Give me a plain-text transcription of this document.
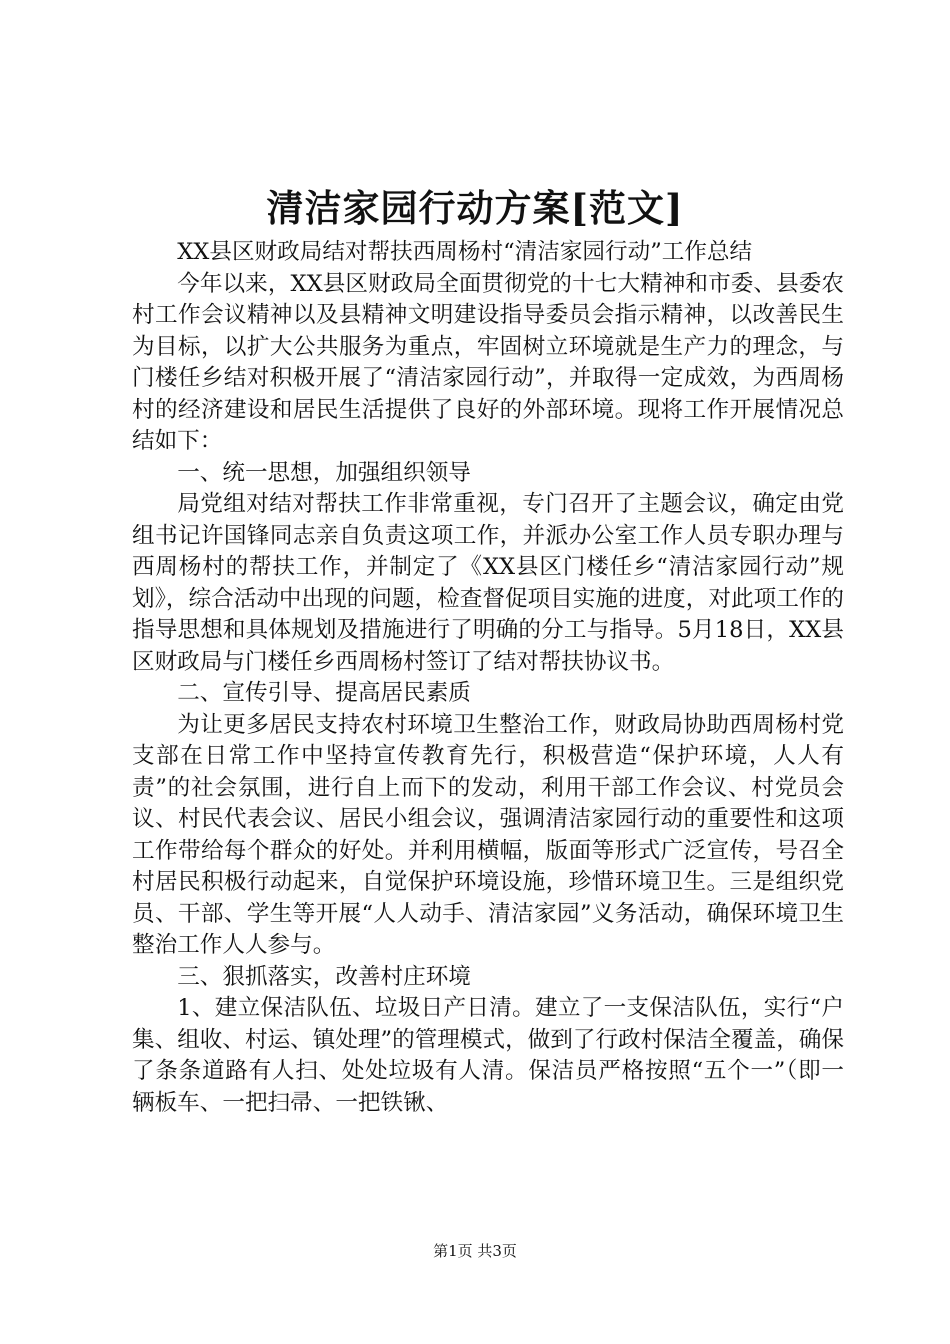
清洁家园行动方案[范文]

XX县区财政局结对帮扶西周杨村“清洁家园行动”工作总结

今年以来，XX县区财政局全面贯彻党的十七大精神和市委、县委农村工作会议精神以及县精神文明建设指导委员会指示精神，以改善民生为目标，以扩大公共服务为重点，牢固树立环境就是生产力的理念，与门楼任乡结对积极开展了“清洁家园行动”，并取得一定成效，为西周杨村的经济建设和居民生活提供了良好的外部环境。现将工作开展情况总结如下：

一、统一思想，加强组织领导

局党组对结对帮扶工作非常重视，专门召开了主题会议，确定由党组书记许国锋同志亲自负责这项工作，并派办公室工作人员专职办理与西周杨村的帮扶工作，并制定了《XX县区门楼任乡“清洁家园行动”规划》，综合活动中出现的问题，检查督促项目实施的进度，对此项工作的指导思想和具体规划及措施进行了明确的分工与指导。5月18日，XX县区财政局与门楼任乡西周杨村签订了结对帮扶协议书。

二、宣传引导、提高居民素质

为让更多居民支持农村环境卫生整治工作，财政局协助西周杨村党支部在日常工作中坚持宣传教育先行，积极营造“保护环境，人人有责”的社会氛围，进行自上而下的发动，利用干部工作会议、村党员会议、村民代表会议、居民小组会议，强调清洁家园行动的重要性和这项工作带给每个群众的好处。并利用横幅，版面等形式广泛宣传，号召全村居民积极行动起来，自觉保护环境设施，珍惜环境卫生。三是组织党员、干部、学生等开展“人人动手、清洁家园”义务活动，确保环境卫生整治工作人人参与。

三、狠抓落实，改善村庄环境

1、建立保洁队伍、垃圾日产日清。建立了一支保洁队伍，实行“户集、组收、村运、镇处理”的管理模式，做到了行政村保洁全覆盖，确保了条条道路有人扫、处处垃圾有人清。保洁员严格按照“五个一”（即一辆板车、一把扫帚、一把铁锹、

第1页 共3页
